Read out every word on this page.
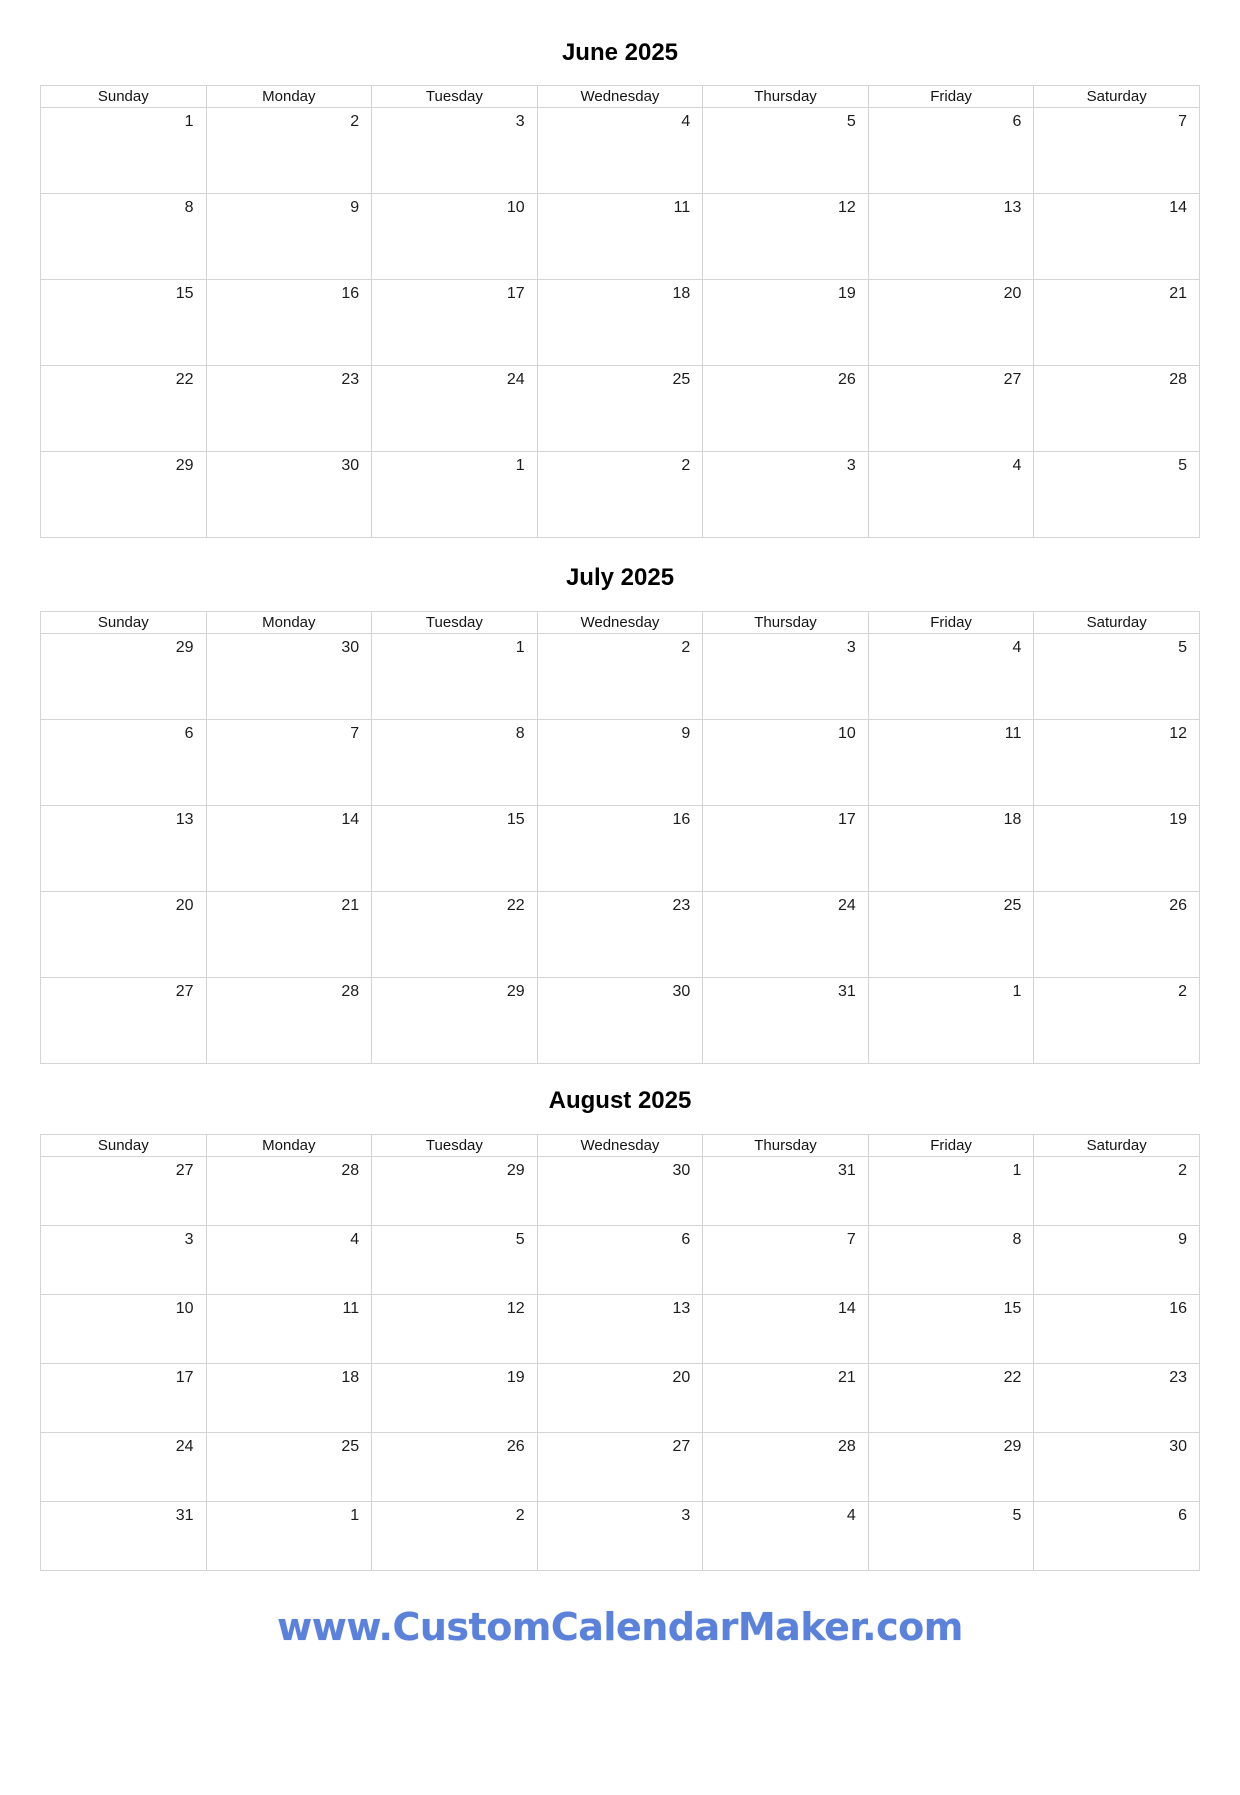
June 2025
Sunday	Monday	Tuesday	Wednesday	Thursday	Friday	Saturday
1	2	3	4	5	6	7
8	9	10	11	12	13	14
15	16	17	18	19	20	21
22	23	24	25	26	27	28
29	30	1	2	3	4	5
July 2025
Sunday	Monday	Tuesday	Wednesday	Thursday	Friday	Saturday
29	30	1	2	3	4	5
6	7	8	9	10	11	12
13	14	15	16	17	18	19
20	21	22	23	24	25	26
27	28	29	30	31	1	2
August 2025
Sunday	Monday	Tuesday	Wednesday	Thursday	Friday	Saturday
27	28	29	30	31	1	2
3	4	5	6	7	8	9
10	11	12	13	14	15	16
17	18	19	20	21	22	23
24	25	26	27	28	29	30
31	1	2	3	4	5	6
www.CustomCalendarMaker.com
